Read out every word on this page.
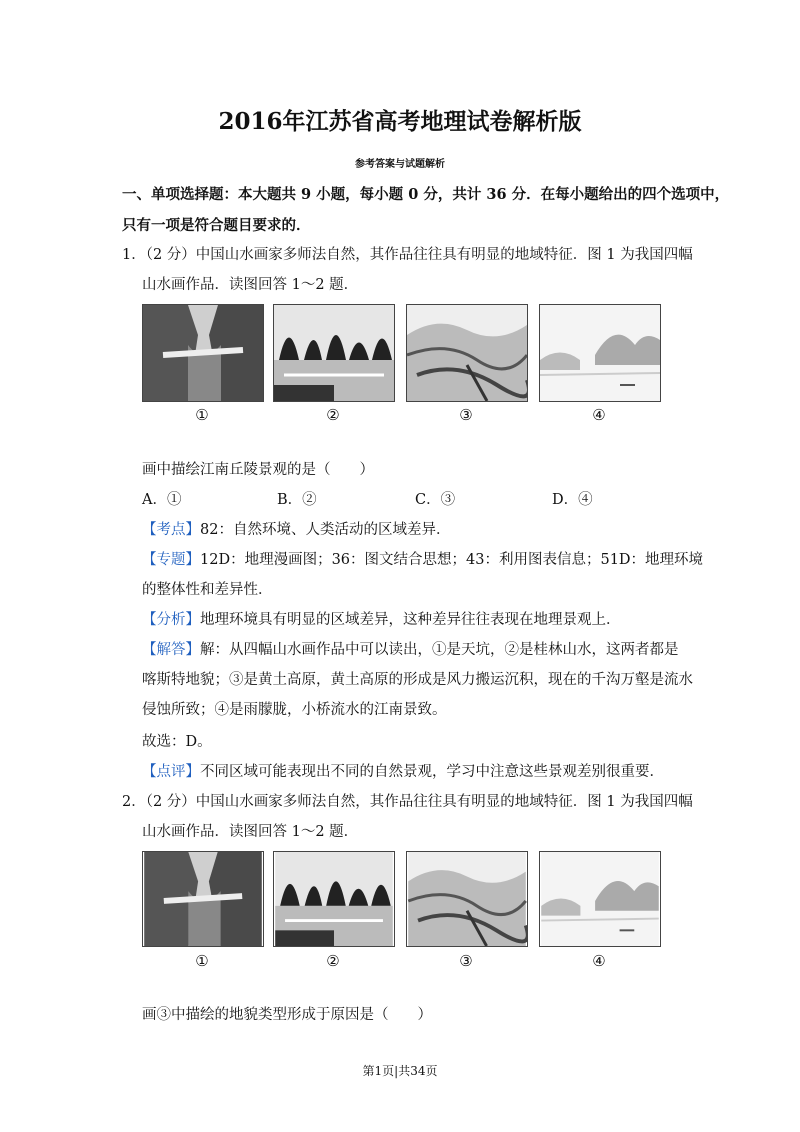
2016年江苏省高考地理试卷解析版
参考答案与试题解析
一、单项选择题：本大题共 9 小题，每小题 0 分，共计 36 分．在每小题给出的四个选项中，
只有一项是符合题目要求的．
1．（2 分）中国山水画家多师法自然，其作品往往具有明显的地域特征．图 1 为我国四幅
山水画作品．读图回答 1～2 题．
①	②	③	④
画中描绘江南丘陵景观的是（　　）
A．①	B．②	C．③	D．④
【考点】82：自然环境、人类活动的区域差异．
【专题】12D：地理漫画图；36：图文结合思想；43：利用图表信息；51D：地理环境
的整体性和差异性．
【分析】地理环境具有明显的区域差异，这种差异往往表现在地理景观上．
【解答】解：从四幅山水画作品中可以读出，①是天坑，②是桂林山水，这两者都是
喀斯特地貌；③是黄土高原，黄土高原的形成是风力搬运沉积，现在的千沟万壑是流水
侵蚀所致；④是雨朦胧，小桥流水的江南景致。
故选：D。
【点评】不同区域可能表现出不同的自然景观，学习中注意这些景观差别很重要．
2．（2 分）中国山水画家多师法自然，其作品往往具有明显的地域特征．图 1 为我国四幅
山水画作品．读图回答 1～2 题．
①	②	③	④
画③中描绘的地貌类型形成于原因是（　　）
第1页|共34页
